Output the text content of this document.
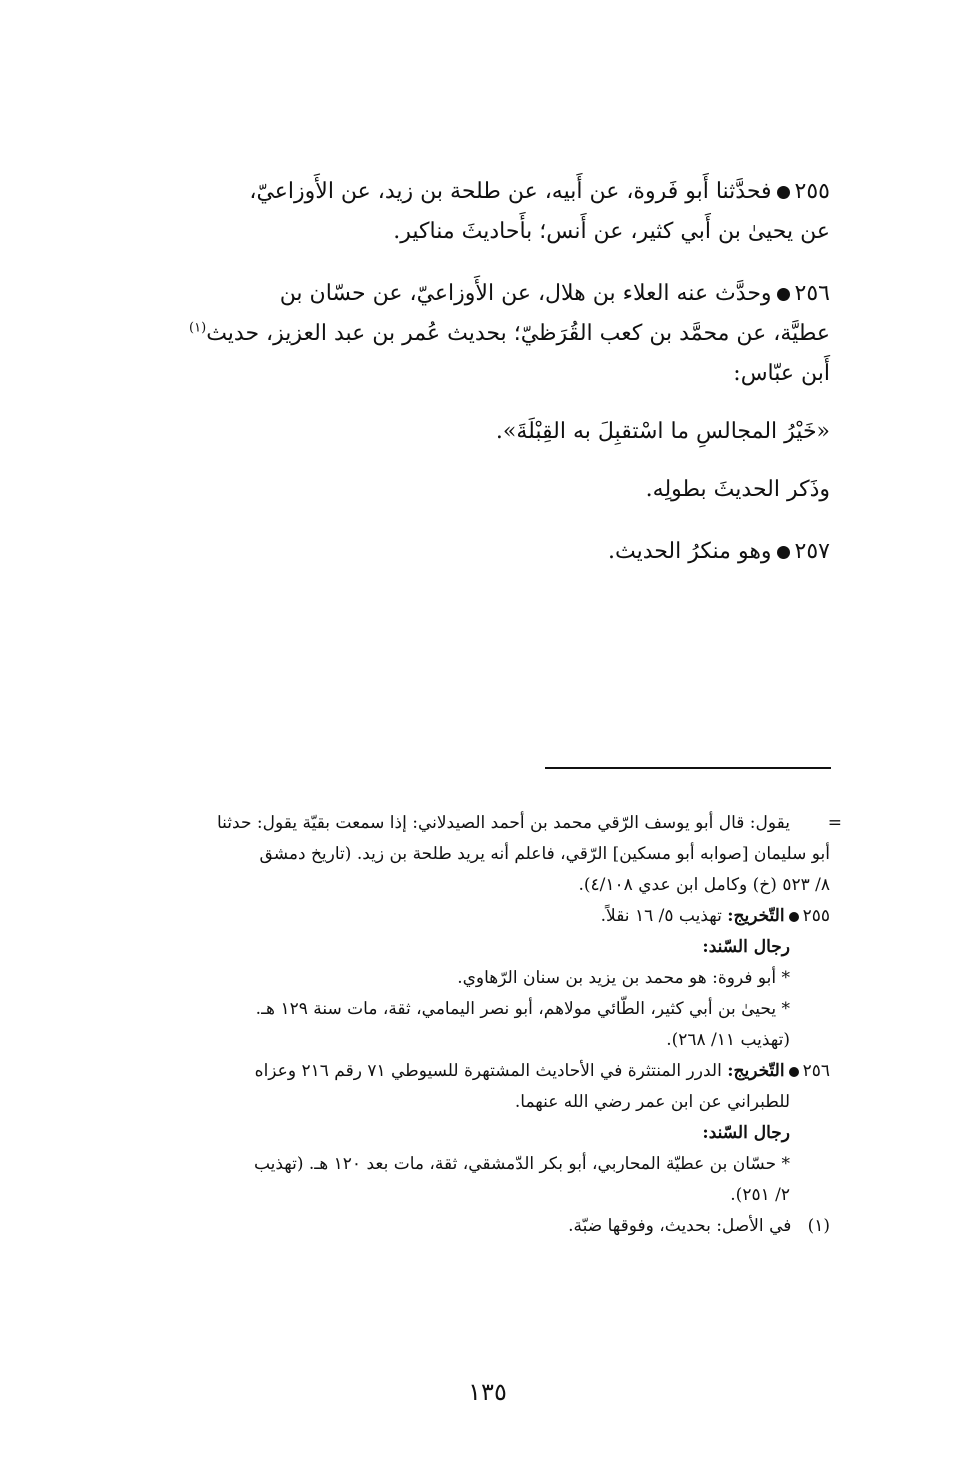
٢٥٥فحدَّثنا أَبو فَروة، عن أَبيه، عن طلحة بن زيد، عن الأَوزاعيّ،
عن يحيىٰ بن أَبي كثير، عن أَنس؛ بأَحاديثَ مناكير.
٢٥٦وحدَّث عنه العلاء بن هلال، عن الأَوزاعيّ، عن حسّان بن
عطيَّة، عن محمَّد بن كعب القُرَظيّ؛ بحديث عُمر بن عبد العزيز، حديث$^{(١)}$
أَبن عبّاس:
«خَيْرُ المجالسِ ما اسْتقبِلَ به القِبْلَةَ».
وذَكر الحديثَ بطولِه.
٢٥٧وهو منكرُ الحديث.
=
يقول: قال أبو يوسف الرّقي محمد بن أحمد الصيدلاني: إذا سمعت بقيّة يقول: حدثنا
أبو سليمان [صوابه أبو مسكين] الرّقي، فاعلم أنه يريد طلحة بن زيد. (تاريخ دمشق
٨/ ٥٢٣ (خ) وكامل ابن عدي ٤/١٠٨).
٢٥٥التّخريج: تهذيب ٥/ ١٦ نقلاً.
رجال السّند:
* أبو فروة: هو محمد بن يزيد بن سنان الرّهاوي.
* يحيىٰ بن أبي كثير، الطّائي مولاهم، أبو نصر اليمامي، ثقة، مات سنة ١٢٩ هـ.
(تهذيب ١١/ ٢٦٨).
٢٥٦التّخريج: الدرر المنتثرة في الأحاديث المشتهرة للسيوطي ٧١ رقم ٢١٦ وعزاه
للطبراني عن ابن عمر رضي الله عنهما.
رجال السّند:
* حسّان بن عطيّة المحاربي، أبو بكر الدّمشقي، ثقة، مات بعد ١٢٠ هـ. (تهذيب
٢/ ٢٥١).
(١)   في الأصل: بحديث، وفوقها ضبّة.
١٣٥
